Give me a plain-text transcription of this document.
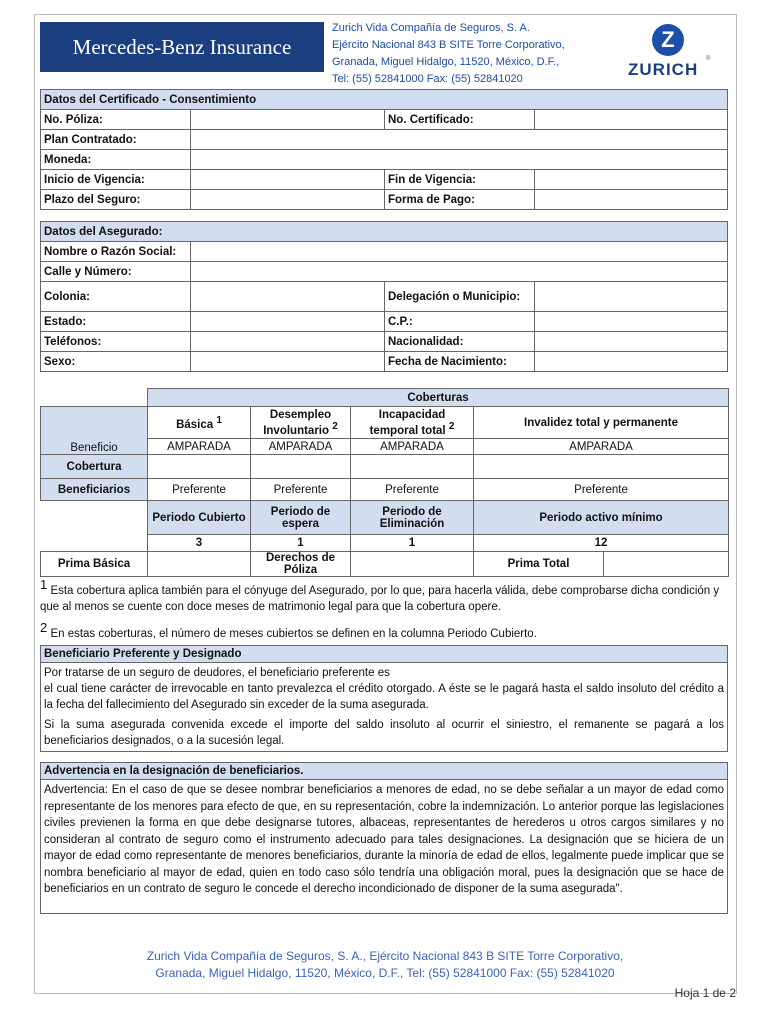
Mercedes-Benz Insurance
Zurich Vida Compañía de Seguros, S. A.
Ejército Nacional 843 B SITE Torre Corporativo,
Granada, Miguel Hidalgo, 11520, México, D.F.,
Tel: (55) 52841000 Fax: (55) 52841020
Z
ZURICH
®
Datos del Certificado - Consentimiento			
No. Póliza:		No. Certificado:	
Plan Contratado:			
Moneda:			
Inicio de Vigencia:		Fin de Vigencia:	
Plazo del Seguro:		Forma de Pago:	
Datos del Asegurado:			
Nombre o Razón Social:			
Calle y Número:			
Colonia:		Delegación o Municipio:	
Estado:		C.P.:	
Teléfonos:		Nacionalidad:	
Sexo:		Fecha de Nacimiento:	
	Coberturas				
Beneficio	Básica $^1$	Desempleo Involuntario $^2$	Incapacidad temporal total $^2$	Invalidez total y permanente	
	AMPARADA	AMPARADA	AMPARADA	AMPARADA	
Cobertura					
Beneficiarios	Preferente	Preferente	Preferente	Preferente	
	Periodo Cubierto	Periodo de espera	Periodo de Eliminación	Periodo activo mínimo	
	3	1	1	12	
Prima Básica		Derechos de Póliza		Prima Total	
$^1$ Esta cobertura aplica también para el cónyuge del Asegurado, por lo que, para hacerla válida, debe comprobarse dicha condición y que al menos se cuente con doce meses de matrimonio legal para que la cobertura opere.
$^2$ En estas coberturas, el número de meses cubiertos se definen en la columna Periodo Cubierto.
Beneficiario Preferente y Designado

Por tratarse de un seguro de deudores, el beneficiario preferente es

el cual tiene carácter de irrevocable en tanto prevalezca el crédito otorgado. A éste se le pagará hasta el saldo insoluto del crédito a la fecha del fallecimiento del Asegurado sin exceder de la suma asegurada.

Si la suma asegurada convenida excede el importe del saldo insoluto al ocurrir el siniestro, el remanente se pagará a los beneficiarios designados, o a la sucesión legal.

Advertencia en la designación de beneficiarios.

Advertencia: En el caso de que se desee nombrar beneficiarios a menores de edad, no se debe señalar a un mayor de edad como representante de los menores para efecto de que, en su representación, cobre la indemnización. Lo anterior porque las legislaciones civiles previenen la forma en que debe designarse tutores, albaceas, representantes de herederos u otros cargos similares y no consideran al contrato de seguro como el instrumento adecuado para tales designaciones. La designación que se hiciera de un mayor de edad como representante de menores beneficiarios, durante la minoría de edad de ellos, legalmente puede implicar que se nombra beneficiario al mayor de edad, quien en todo caso sólo tendría una obligación moral, pues la designación que se hace de beneficiarios en un contrato de seguro le concede el derecho incondicionado de disponer de la suma asegurada".

Zurich Vida Compañía de Seguros, S. A., Ejército Nacional 843 B SITE Torre Corporativo,
Granada, Miguel Hidalgo, 11520, México, D.F., Tel: (55) 52841000 Fax: (55) 52841020
Hoja 1 de 2
